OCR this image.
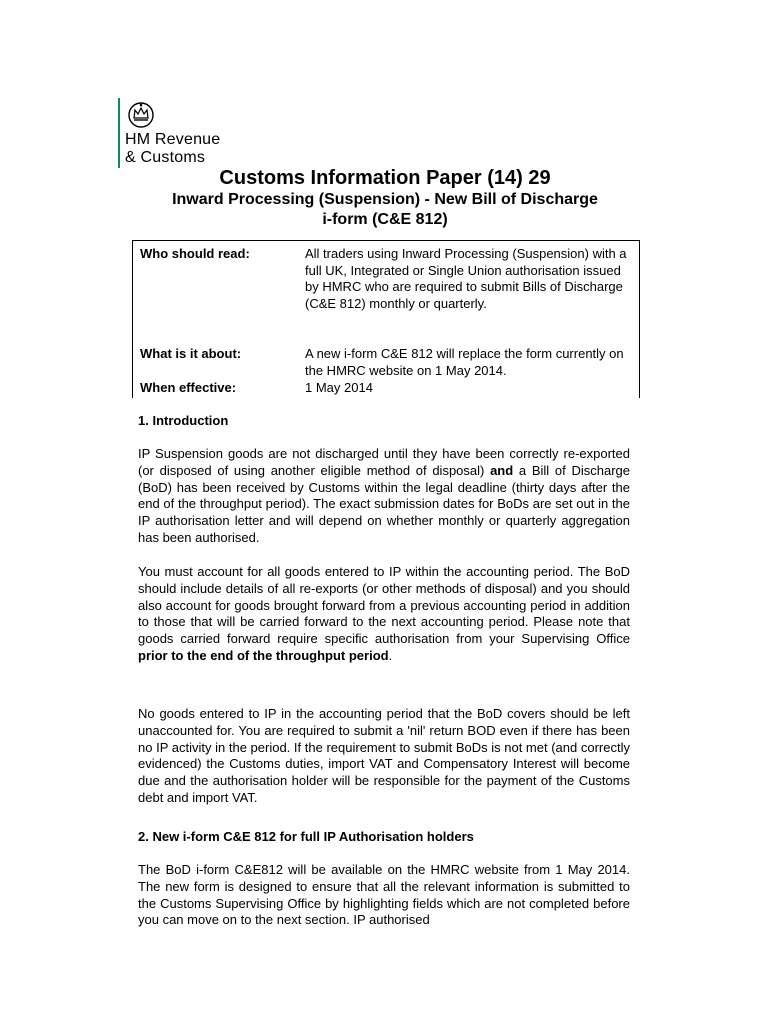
HM Revenue
& Customs
Customs Information Paper (14) 29
Inward Processing (Suspension) - New Bill of Discharge
i-form (C&E 812)
Who should read:	All traders using Inward Processing (Suspension) with a full UK, Integrated or Single Union authorisation issued by HMRC who are required to submit Bills of Discharge (C&E 812) monthly or quarterly.
What is it about:	A new i-form C&E 812 will replace the form currently on the HMRC website on 1 May 2014.
When effective:	1 May 2014
1. Introduction
IP Suspension goods are not discharged until they have been correctly re-exported (or disposed of using another eligible method of disposal) and a Bill of Discharge (BoD) has been received by Customs within the legal deadline (thirty days after the end of the throughput period). The exact submission dates for BoDs are set out in the IP authorisation letter and will depend on whether monthly or quarterly aggregation has been authorised.
You must account for all goods entered to IP within the accounting period. The BoD should include details of all re-exports (or other methods of disposal) and you should also account for goods brought forward from a previous accounting period in addition to those that will be carried forward to the next accounting period. Please note that goods carried forward require specific authorisation from your Supervising Office prior to the end of the throughput period.
No goods entered to IP in the accounting period that the BoD covers should be left unaccounted for. You are required to submit a 'nil' return BOD even if there has been no IP activity in the period. If the requirement to submit BoDs is not met (and correctly evidenced) the Customs duties, import VAT and Compensatory Interest will become due and the authorisation holder will be responsible for the payment of the Customs debt and import VAT.
2. New i-form C&E 812 for full IP Authorisation holders
The BoD i-form C&E812 will be available on the HMRC website from 1 May 2014. The new form is designed to ensure that all the relevant information is submitted to the Customs Supervising Office by highlighting fields which are not completed before you can move on to the next section. IP authorised
